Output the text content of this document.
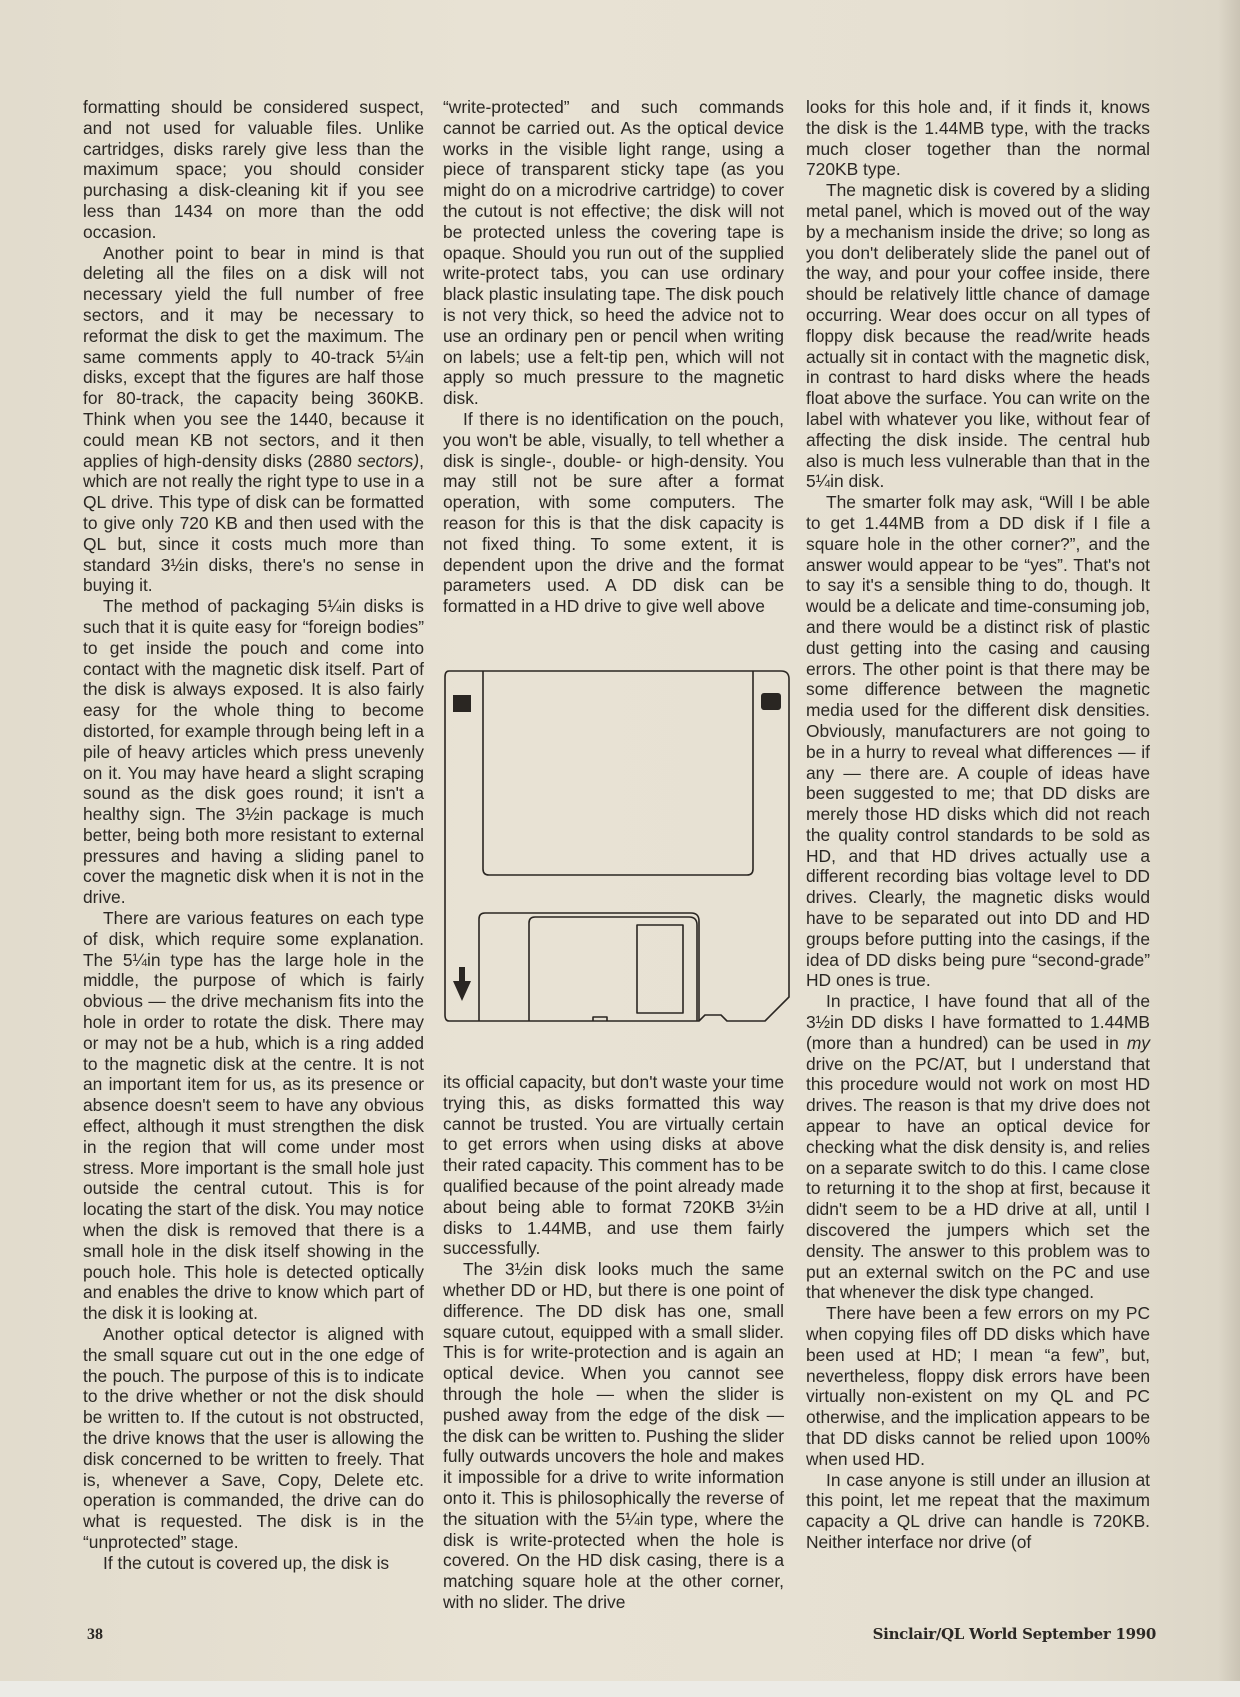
formatting should be considered suspect, and not used for valuable files. Unlike cartridges, disks rarely give less than the maximum space; you should consider purchasing a disk-cleaning kit if you see less than 1434 on more than the odd occasion.

Another point to bear in mind is that deleting all the files on a disk will not necessary yield the full number of free sectors, and it may be necessary to reformat the disk to get the maximum. The same comments apply to 40-track 5¼in disks, except that the figures are half those for 80-track, the capacity being 360KB. Think when you see the 1440, because it could mean KB not sectors, and it then applies of high-density disks (2880 sectors), which are not really the right type to use in a QL drive. This type of disk can be formatted to give only 720 KB and then used with the QL but, since it costs much more than standard 3½in disks, there's no sense in buying it.

The method of packaging 5¼in disks is such that it is quite easy for “foreign bodies” to get inside the pouch and come into contact with the magnetic disk itself. Part of the disk is always exposed. It is also fairly easy for the whole thing to become distorted, for example through being left in a pile of heavy articles which press unevenly on it. You may have heard a slight scraping sound as the disk goes round; it isn't a healthy sign. The 3½in package is much better, being both more resistant to external pressures and having a sliding panel to cover the magnetic disk when it is not in the drive.

There are various features on each type of disk, which require some explanation. The 5¼in type has the large hole in the middle, the purpose of which is fairly obvious — the drive mechanism fits into the hole in order to rotate the disk. There may or may not be a hub, which is a ring added to the magnetic disk at the centre. It is not an important item for us, as its presence or absence doesn't seem to have any obvious effect, although it must strengthen the disk in the region that will come under most stress. More important is the small hole just outside the central cutout. This is for locating the start of the disk. You may notice when the disk is removed that there is a small hole in the disk itself showing in the pouch hole. This hole is detected optically and enables the drive to know which part of the disk it is looking at.

Another optical detector is aligned with the small square cut out in the one edge of the pouch. The purpose of this is to indicate to the drive whether or not the disk should be written to. If the cutout is not obstructed, the drive knows that the user is allowing the disk concerned to be written to freely. That is, whenever a Save, Copy, Delete etc. operation is commanded, the drive can do what is requested. The disk is in the “unprotected” stage.

If the cutout is covered up, the disk is

“write-protected” and such commands cannot be carried out. As the optical device works in the visible light range, using a piece of transparent sticky tape (as you might do on a microdrive cartridge) to cover the cutout is not effective; the disk will not be protected unless the covering tape is opaque. Should you run out of the supplied write-protect tabs, you can use ordinary black plastic insulating tape. The disk pouch is not very thick, so heed the advice not to use an ordinary pen or pencil when writing on labels; use a felt-tip pen, which will not apply so much pressure to the magnetic disk.

If there is no identification on the pouch, you won't be able, visually, to tell whether a disk is single-, double- or high-density. You may still not be sure after a format operation, with some computers. The reason for this is that the disk capacity is not fixed thing. To some extent, it is dependent upon the drive and the format parameters used. A DD disk can be formatted in a HD drive to give well above

its official capacity, but don't waste your time trying this, as disks formatted this way cannot be trusted. You are virtually certain to get errors when using disks at above their rated capacity. This comment has to be qualified because of the point already made about being able to format 720KB 3½in disks to 1.44MB, and use them fairly successfully.

The 3½in disk looks much the same whether DD or HD, but there is one point of difference. The DD disk has one, small square cutout, equipped with a small slider. This is for write-protection and is again an optical device. When you cannot see through the hole — when the slider is pushed away from the edge of the disk — the disk can be written to. Pushing the slider fully outwards uncovers the hole and makes it impossible for a drive to write information onto it. This is philosophically the reverse of the situation with the 5¼in type, where the disk is write-protected when the hole is covered. On the HD disk casing, there is a matching square hole at the other corner, with no slider. The drive

looks for this hole and, if it finds it, knows the disk is the 1.44MB type, with the tracks much closer together than the normal 720KB type.

The magnetic disk is covered by a sliding metal panel, which is moved out of the way by a mechanism inside the drive; so long as you don't deliberately slide the panel out of the way, and pour your coffee inside, there should be relatively little chance of damage occurring. Wear does occur on all types of floppy disk because the read/write heads actually sit in contact with the magnetic disk, in contrast to hard disks where the heads float above the surface. You can write on the label with whatever you like, without fear of affecting the disk inside. The central hub also is much less vulnerable than that in the 5¼in disk.

The smarter folk may ask, “Will I be able to get 1.44MB from a DD disk if I file a square hole in the other corner?”, and the answer would appear to be “yes”. That's not to say it's a sensible thing to do, though. It would be a delicate and time-consuming job, and there would be a distinct risk of plastic dust getting into the casing and causing errors. The other point is that there may be some difference between the magnetic media used for the different disk densities. Obviously, manufacturers are not going to be in a hurry to reveal what differences — if any — there are. A couple of ideas have been suggested to me; that DD disks are merely those HD disks which did not reach the quality control standards to be sold as HD, and that HD drives actually use a different recording bias voltage level to DD drives. Clearly, the magnetic disks would have to be separated out into DD and HD groups before putting into the casings, if the idea of DD disks being pure “second-grade” HD ones is true.

In practice, I have found that all of the 3½in DD disks I have formatted to 1.44MB (more than a hundred) can be used in my drive on the PC/AT, but I understand that this procedure would not work on most HD drives. The reason is that my drive does not appear to have an optical device for checking what the disk density is, and relies on a separate switch to do this. I came close to returning it to the shop at first, because it didn't seem to be a HD drive at all, until I discovered the jumpers which set the density. The answer to this problem was to put an external switch on the PC and use that whenever the disk type changed.

There have been a few errors on my PC when copying files off DD disks which have been used at HD; I mean “a few”, but, nevertheless, floppy disk errors have been virtually non-existent on my QL and PC otherwise, and the implication appears to be that DD disks cannot be relied upon 100% when used HD.

In case anyone is still under an illusion at this point, let me repeat that the maximum capacity a QL drive can handle is 720KB. Neither interface nor drive (of

38	Sinclair/QL World September 1990
